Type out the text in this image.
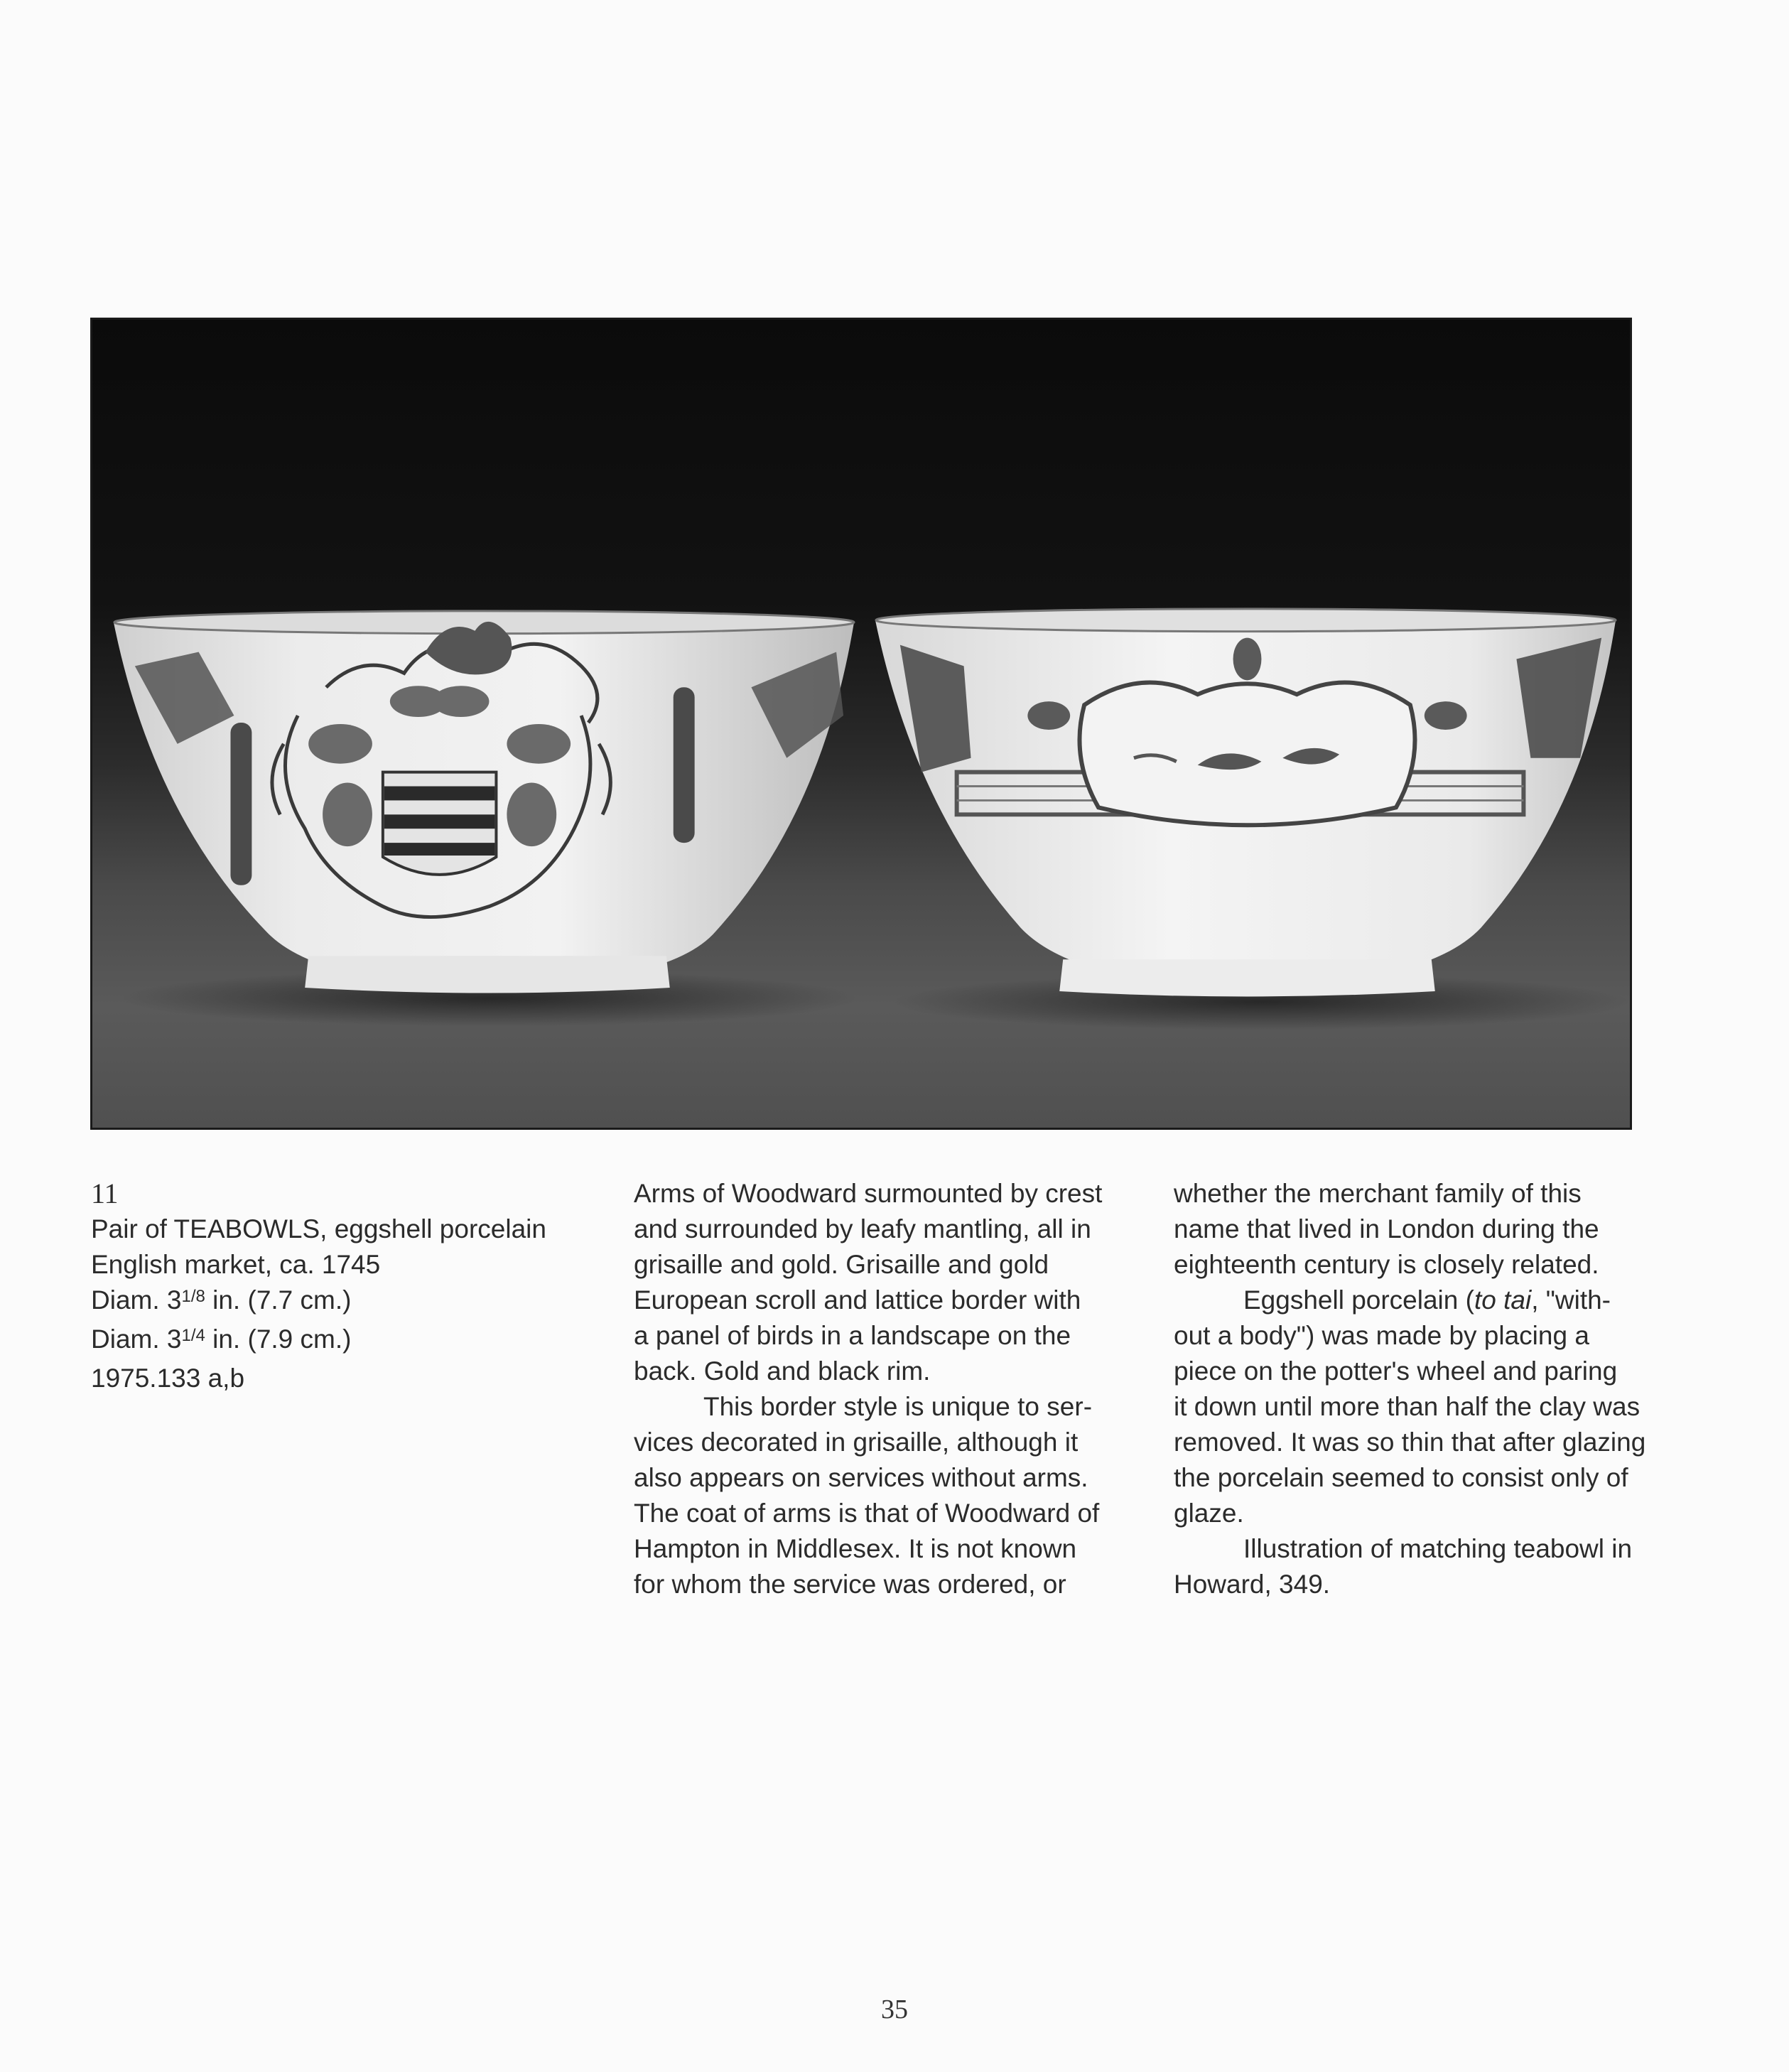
11
Pair of TEABOWLS, eggshell porcelain
English market, ca. 1745
Diam. $3^{1/8}$ in. (7.7 cm.)
Diam. $3^{1/4}$ in. (7.9 cm.)
1975.133 a,b
Arms of Woodward surmounted by crest
and surrounded by leafy mantling, all in
grisaille and gold. Grisaille and gold
European scroll and lattice border with
a panel of birds in a landscape on the
back. Gold and black rim.
This border style is unique to ser-
vices decorated in grisaille, although it
also appears on services without arms.
The coat of arms is that of Woodward of
Hampton in Middlesex. It is not known
for whom the service was ordered, or
whether the merchant family of this
name that lived in London during the
eighteenth century is closely related.
Eggshell porcelain (to tai, "with-
out a body") was made by placing a
piece on the potter's wheel and paring
it down until more than half the clay was
removed. It was so thin that after glazing
the porcelain seemed to consist only of
glaze.
Illustration of matching teabowl in
Howard, 349.
35
